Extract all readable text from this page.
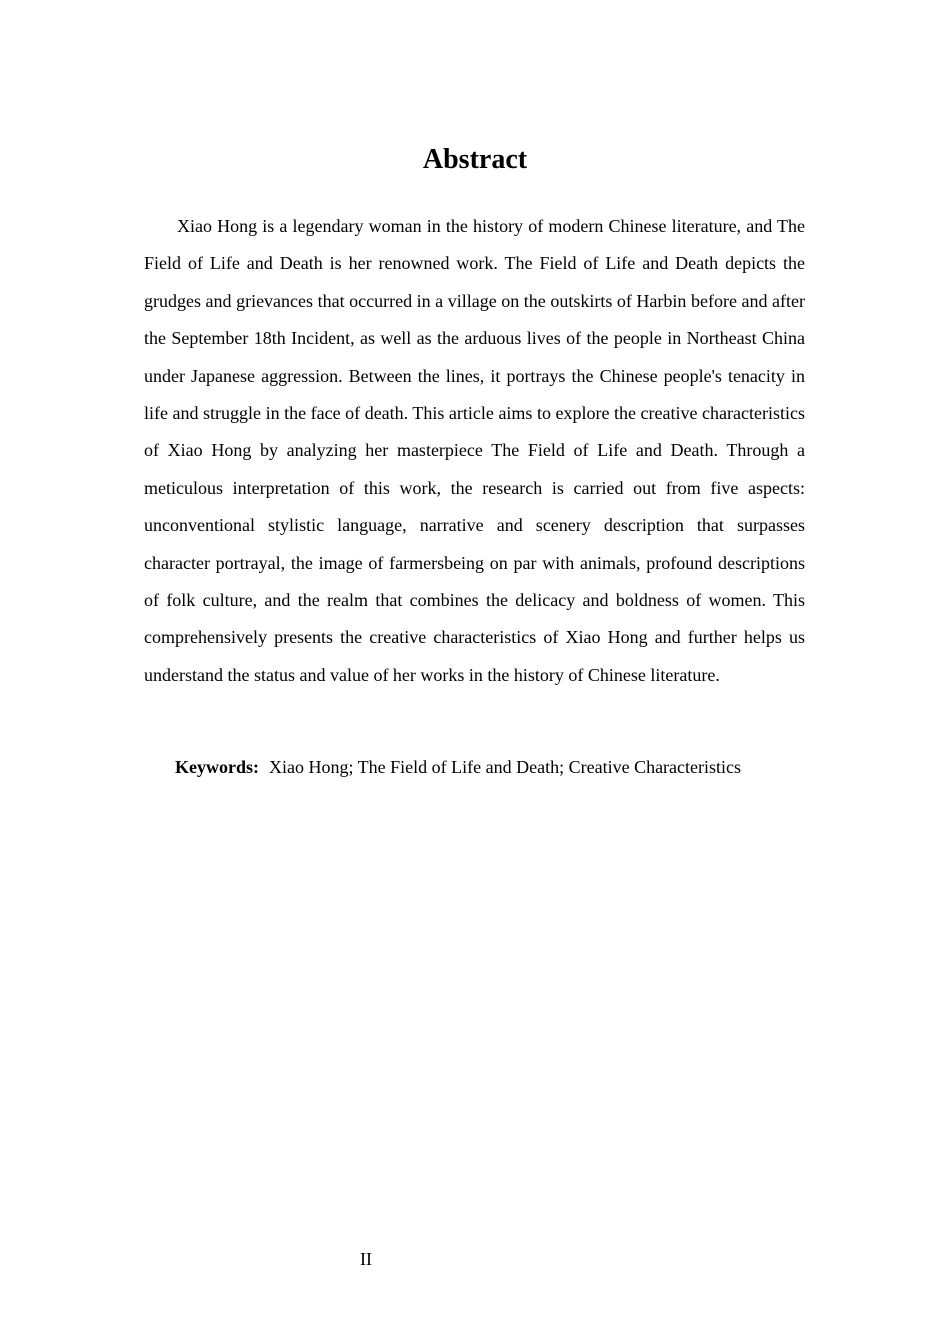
Abstract

Xiao Hong is a legendary woman in the history of modern Chinese literature, and The Field of Life and Death is her renowned work. The Field of Life and Death depicts the grudges and grievances that occurred in a village on the outskirts of Harbin before and after the September 18th Incident, as well as the arduous lives of the people in Northeast China under Japanese aggression. Between the lines, it portrays the Chinese people's tenacity in life and struggle in the face of death. This article aims to explore the creative characteristics of Xiao Hong by analyzing her masterpiece The Field of Life and Death. Through a meticulous interpretation of this work, the research is carried out from five aspects: unconventional stylistic language, narrative and scenery description that surpasses character portrayal, the image of farmersbeing on par with animals, profound descriptions of folk culture, and the realm that combines the delicacy and boldness of women. This comprehensively presents the creative characteristics of Xiao Hong and further helps us understand the status and value of her works in the history of Chinese literature.

Keywords: Xiao Hong; The Field of Life and Death; Creative Characteristics

II
